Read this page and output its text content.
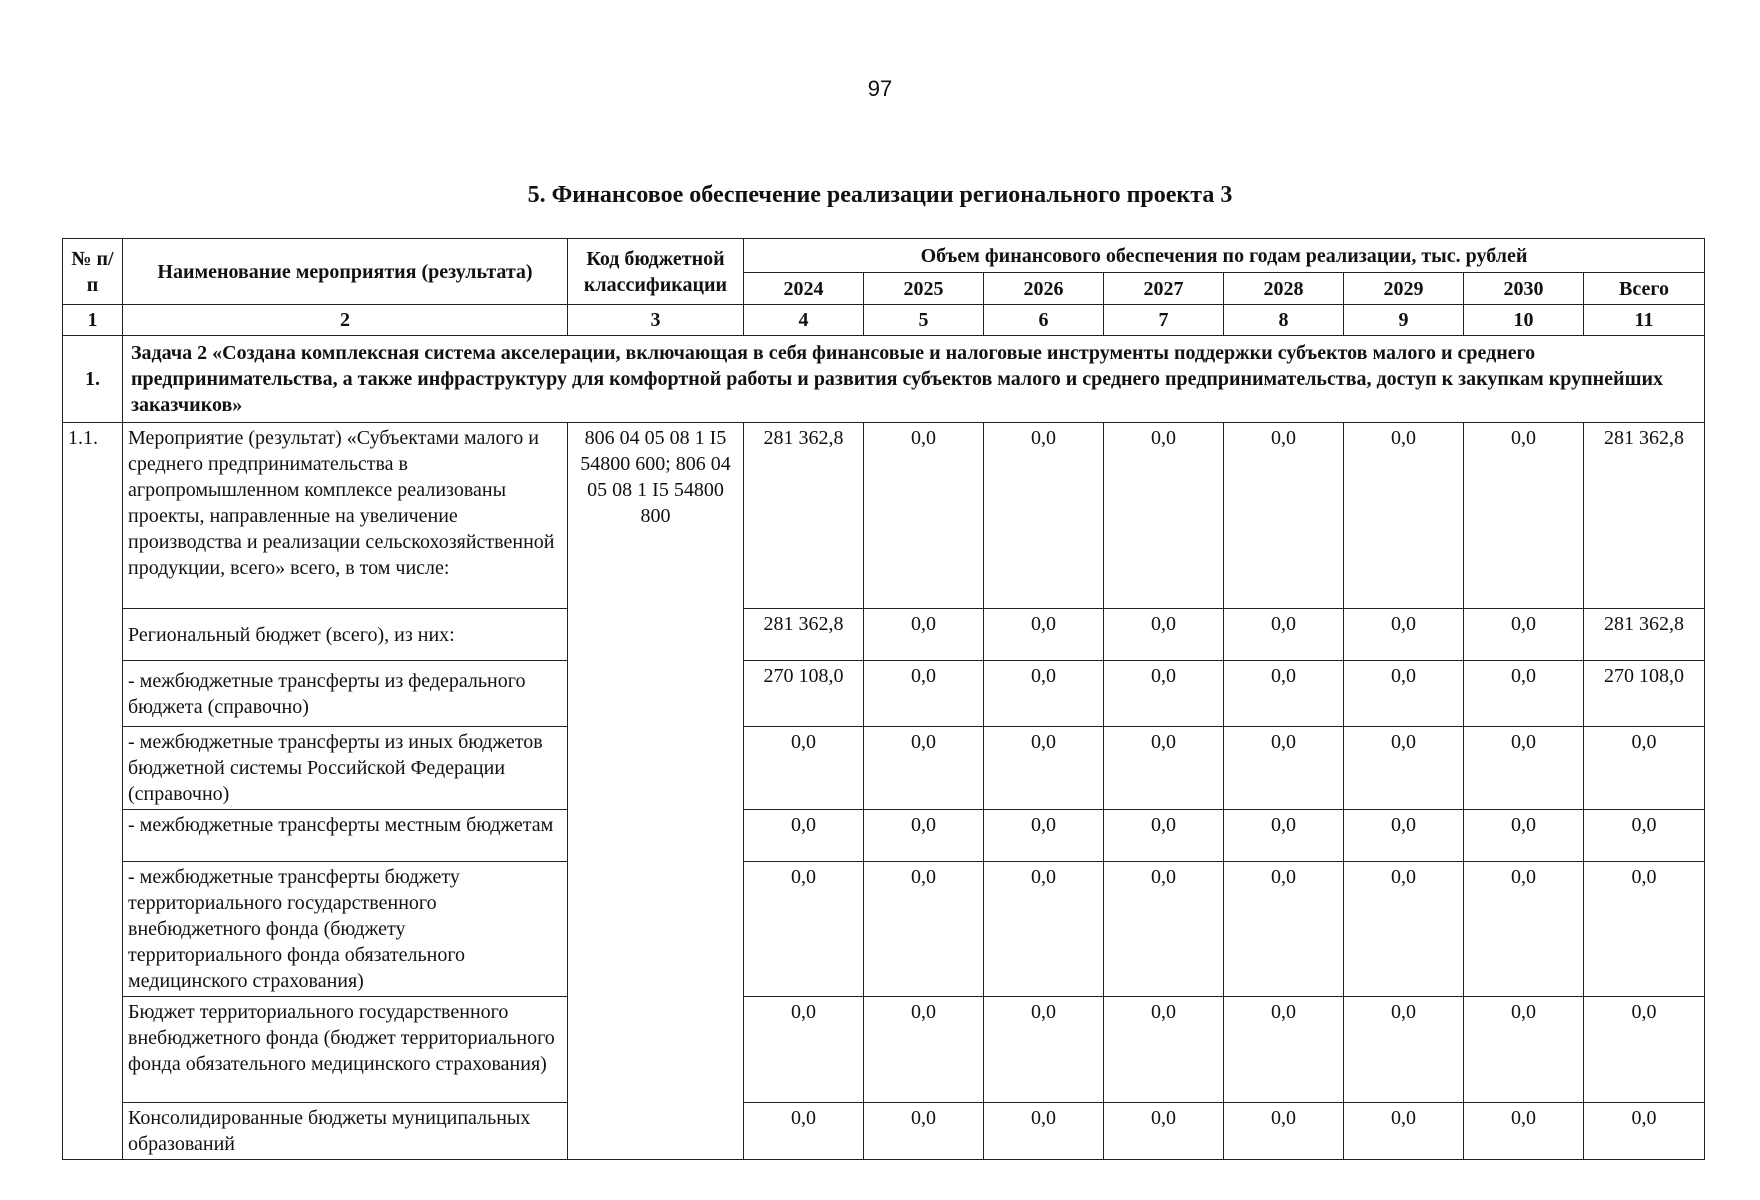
97
5. Финансовое обеспечение реализации регионального проекта 3
№ п/п	Наименование мероприятия (результата)	Код бюджетной классификации	Объем финансового обеспечения по годам реализации, тыс. рублей							
			2024	2025	2026	2027	2028	2029	2030	Всего
1	2	3	4	5	6	7	8	9	10	11
1.	Задача 2 «Создана комплексная система акселерации, включающая в себя финансовые и налоговые инструменты поддержки субъектов малого и среднего предпринимательства, а также инфраструктуру для комфортной работы и развития субъектов малого и среднего предпринимательства, доступ к закупкам крупнейших заказчиков»									
1.1.	Мероприятие (результат) «Субъектами малого и среднего предпринимательства в агропромышленном комплексе реализованы проекты, направленные на увеличение производства и реализации сельскохозяйственной продукции, всего» всего, в том числе:	806 04 05 08 1 I5 54800 600; 806 04 05 08 1 I5 54800 800	281 362,8	0,0	0,0	0,0	0,0	0,0	0,0	281 362,8
	Региональный бюджет (всего), из них:		281 362,8	0,0	0,0	0,0	0,0	0,0	0,0	281 362,8
	- межбюджетные трансферты из федерального бюджета (справочно)		270 108,0	0,0	0,0	0,0	0,0	0,0	0,0	270 108,0
	- межбюджетные трансферты из иных бюджетов бюджетной системы Российской Федерации (справочно)		0,0	0,0	0,0	0,0	0,0	0,0	0,0	0,0
	- межбюджетные трансферты местным бюджетам		0,0	0,0	0,0	0,0	0,0	0,0	0,0	0,0
	- межбюджетные трансферты бюджету территориального государственного внебюджетного фонда (бюджету территориального фонда обязательного медицинского страхования)		0,0	0,0	0,0	0,0	0,0	0,0	0,0	0,0
	Бюджет территориального государственного внебюджетного фонда (бюджет территориального фонда обязательного медицинского страхования)		0,0	0,0	0,0	0,0	0,0	0,0	0,0	0,0
	Консолидированные бюджеты муниципальных образований		0,0	0,0	0,0	0,0	0,0	0,0	0,0	0,0
